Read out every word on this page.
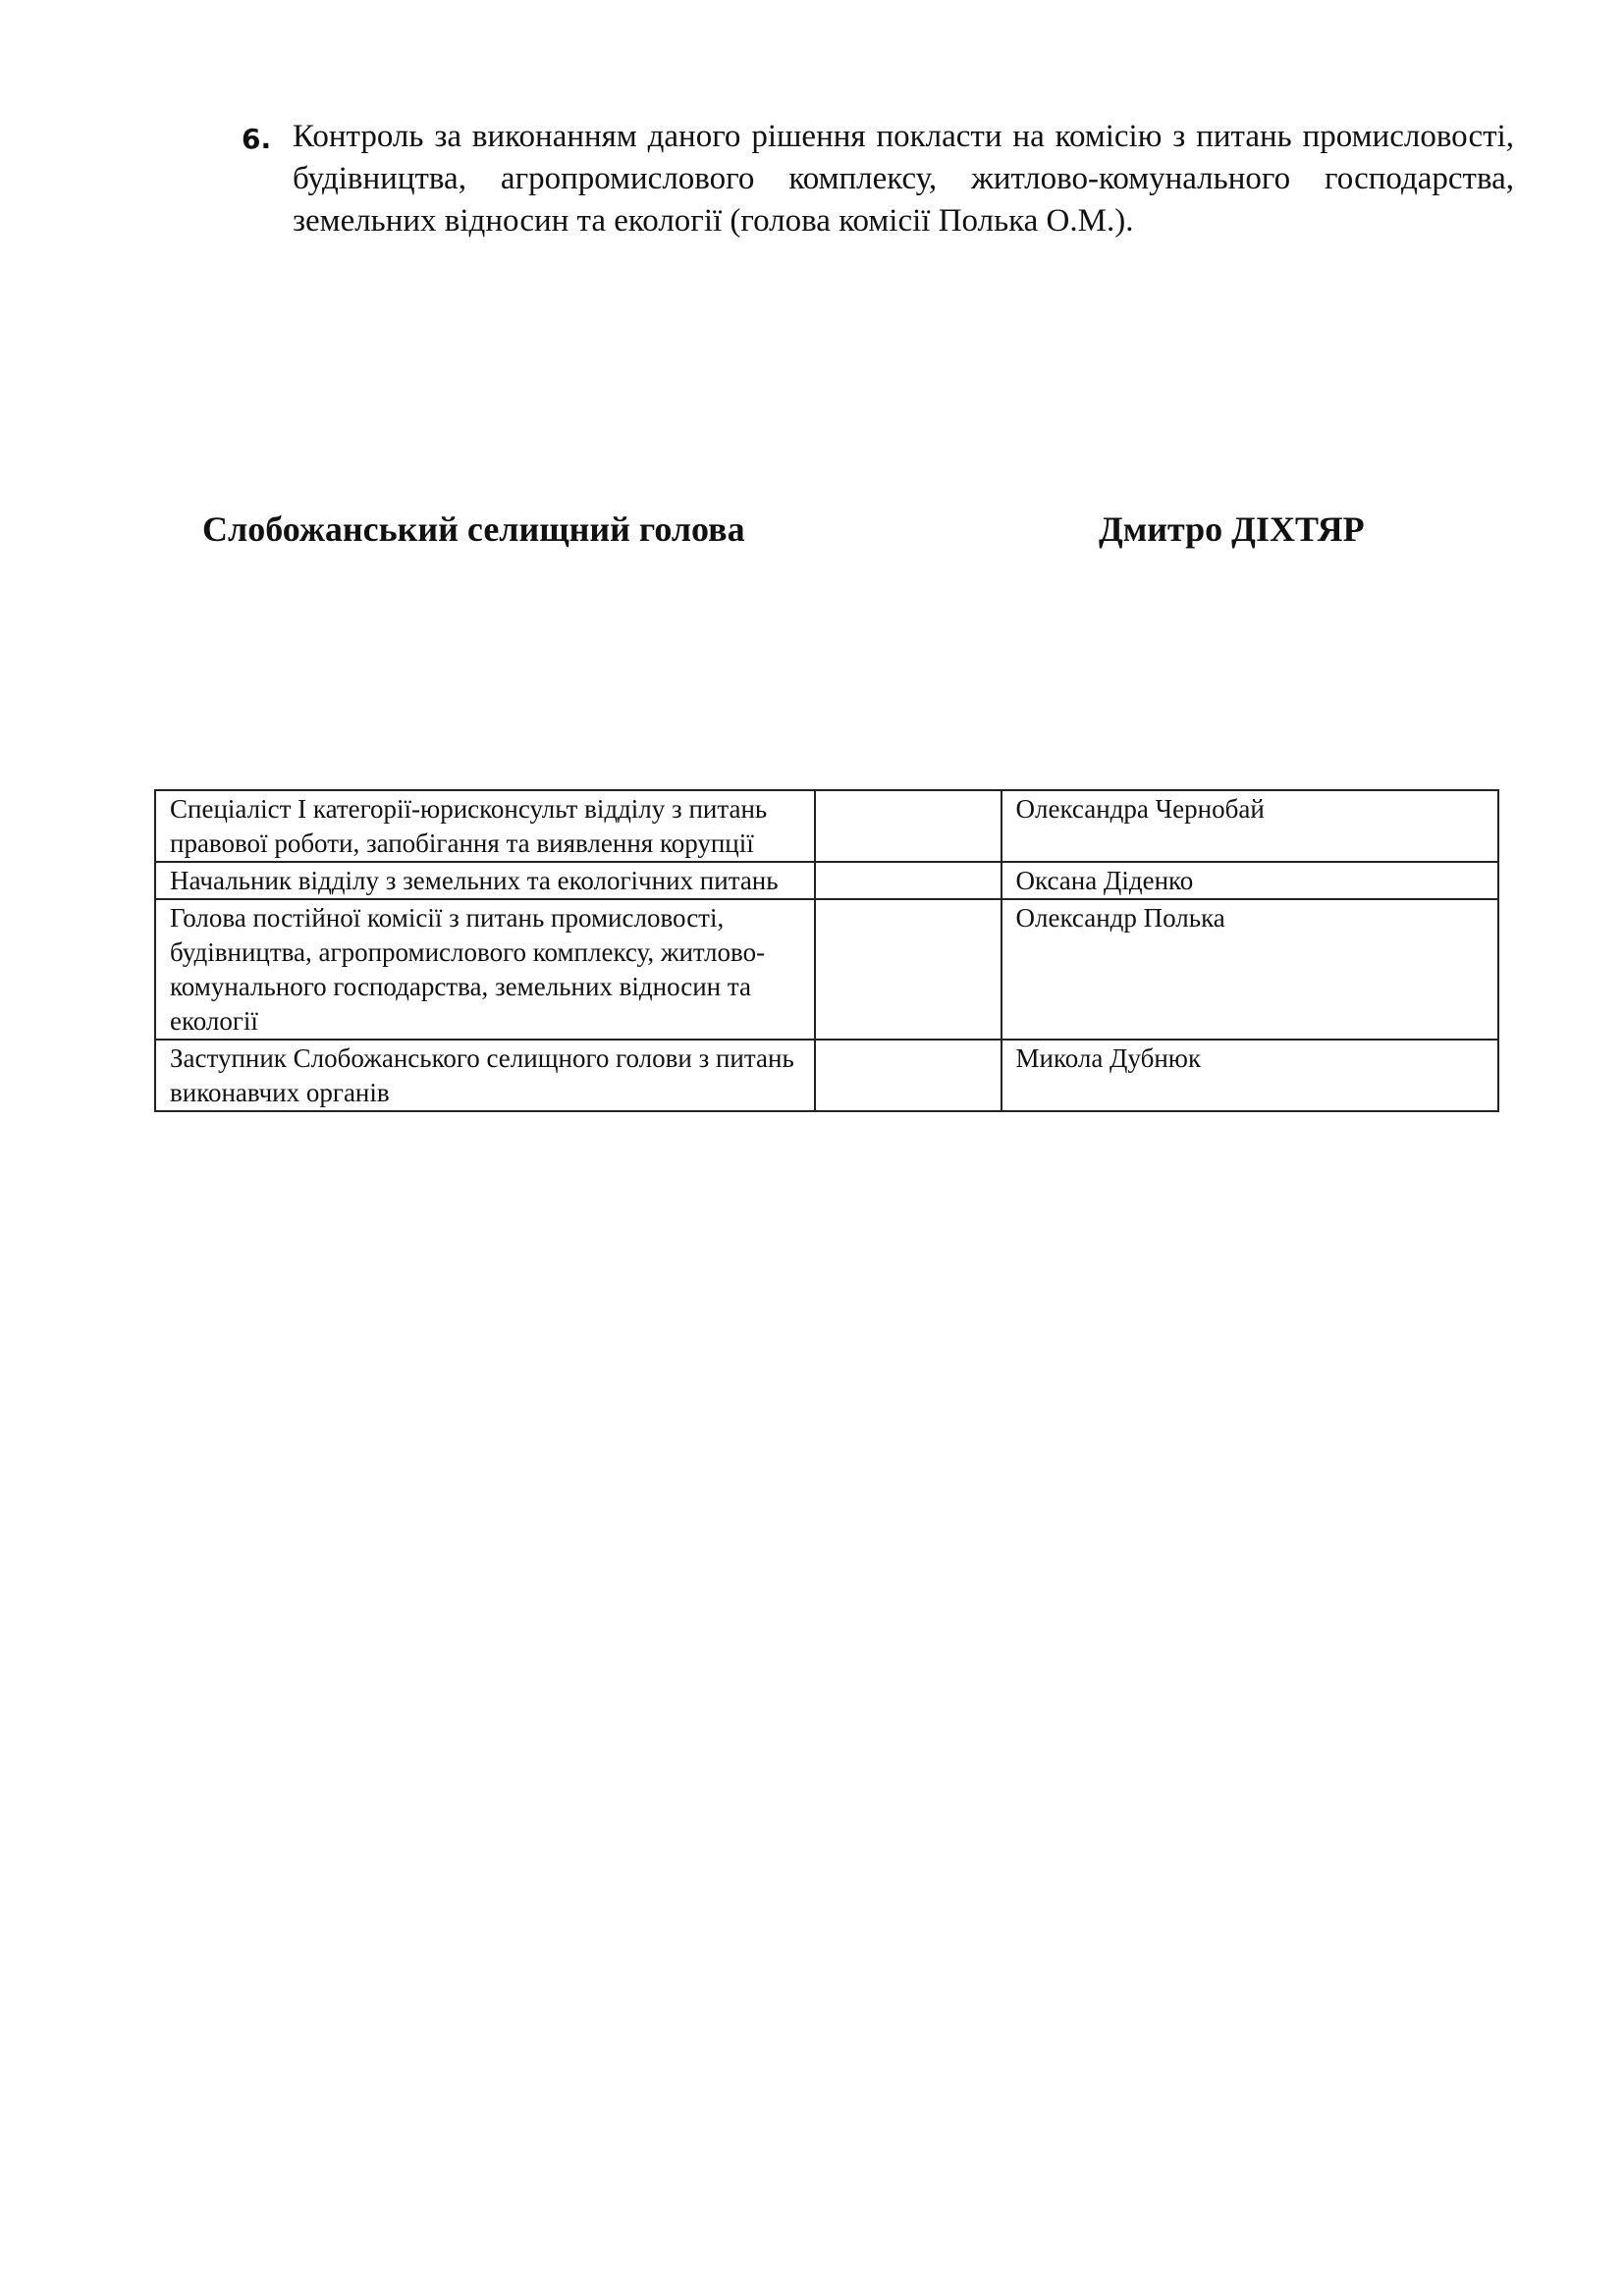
6. Контроль за виконанням даного рішення покласти на комісію з питань промисловості, будівництва, агропромислового комплексу, житлово-комунального господарства, земельних відносин та екології (голова комісії Полька О.М.).
Слобожанський селищний голова	Дмитро ДІХТЯР
Спеціаліст І категорії-юрисконсульт відділу з питань правової роботи, запобігання та виявлення корупції		Олександра Чернобай
Начальник відділу з земельних та екологічних питань		Оксана Діденко
Голова постійної комісії з питань промисловості, будівництва, агропромислового комплексу, житлово-комунального господарства, земельних відносин та екології		Олександр Полька
Заступник Слобожанського селищного голови з питань виконавчих органів		Микола Дубнюк
